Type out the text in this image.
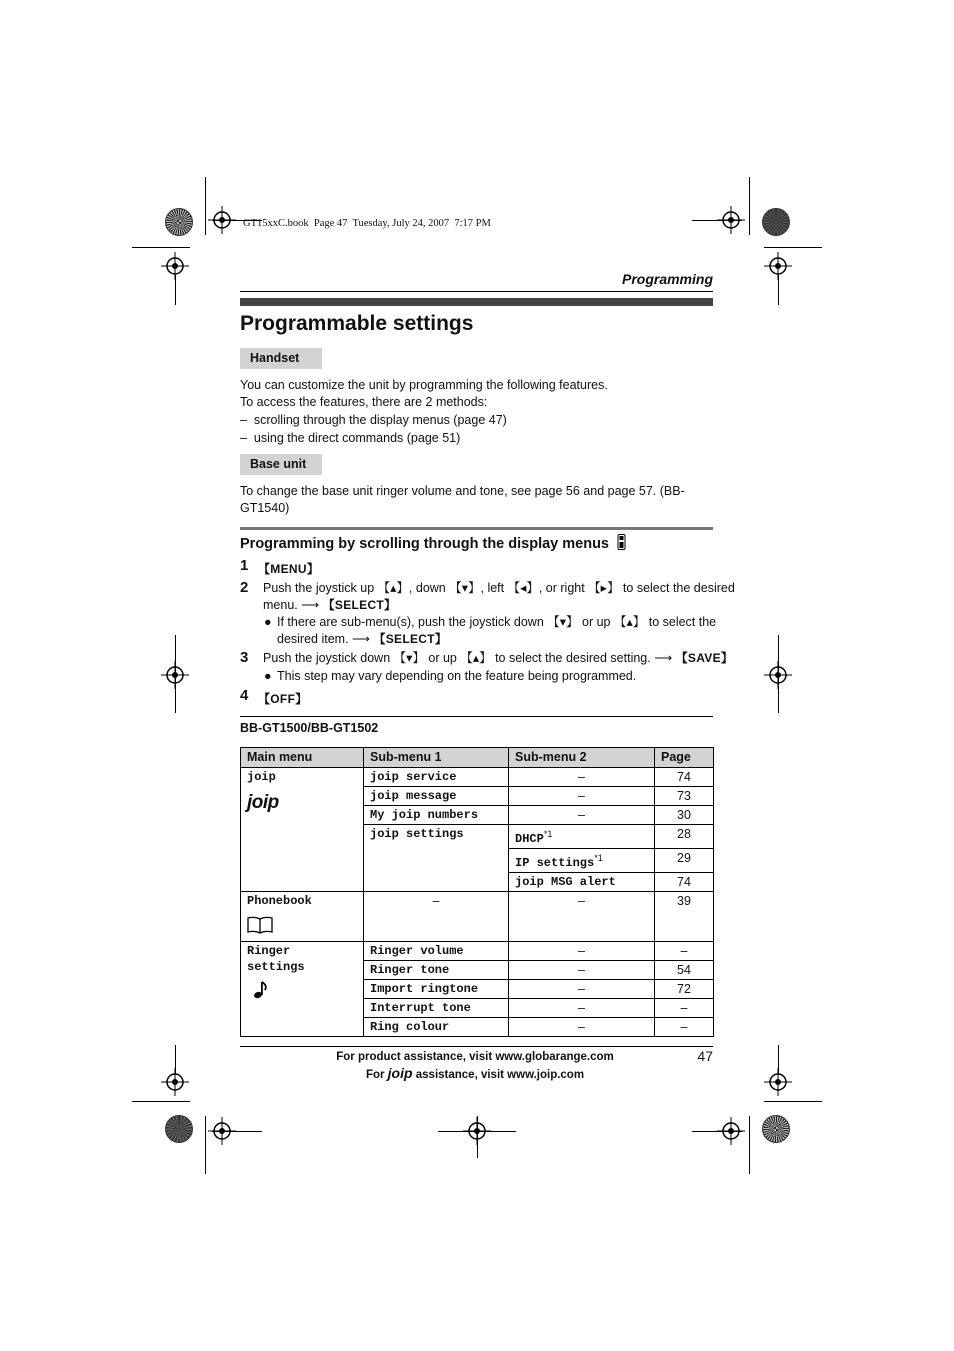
GT15xxC.book  Page 47  Tuesday, July 24, 2007  7:17 PM
Programming
Programmable settings
Handset
You can customize the unit by programming the following features.
To access the features, there are 2 methods:
–  scrolling through the display menus (page 47)
–  using the direct commands (page 51)
Base unit
To change the base unit ringer volume and tone, see page 56 and page 57. (BB-
GT1540)
Programming by scrolling through the display menus
1 【MENU】
2 Push the joystick up 【▴】, down 【▾】, left 【◂】, or right 【▸】 to select the desired
menu. ⟶ 【SELECT】
● If there are sub-menu(s), push the joystick down 【▾】 or up 【▴】 to select the
desired item. ⟶ 【SELECT】
3 Push the joystick down 【▾】 or up 【▴】 to select the desired setting. ⟶ 【SAVE】
● This step may vary depending on the feature being programmed.
4 【OFF】
BB-GT1500/BB-GT1502
Main menu	Sub-menu 1	Sub-menu 2	Page

joip
joip	joip service	–	74
	joip message	–	73
	My joip numbers	–	30
	joip settings	DHCP$^{*1}$	28
		IP settings$^{*1}$	29
		joip MSG alert	74

Phonebook	–	–	39

Ringer
settings	Ringer volume	–	–
	Ringer tone	–	54
	Import ringtone	–	72
	Interrupt tone	–	–
	Ring colour	–	–
For product assistance, visit www.globarange.com
For joip assistance, visit www.joip.com
47
